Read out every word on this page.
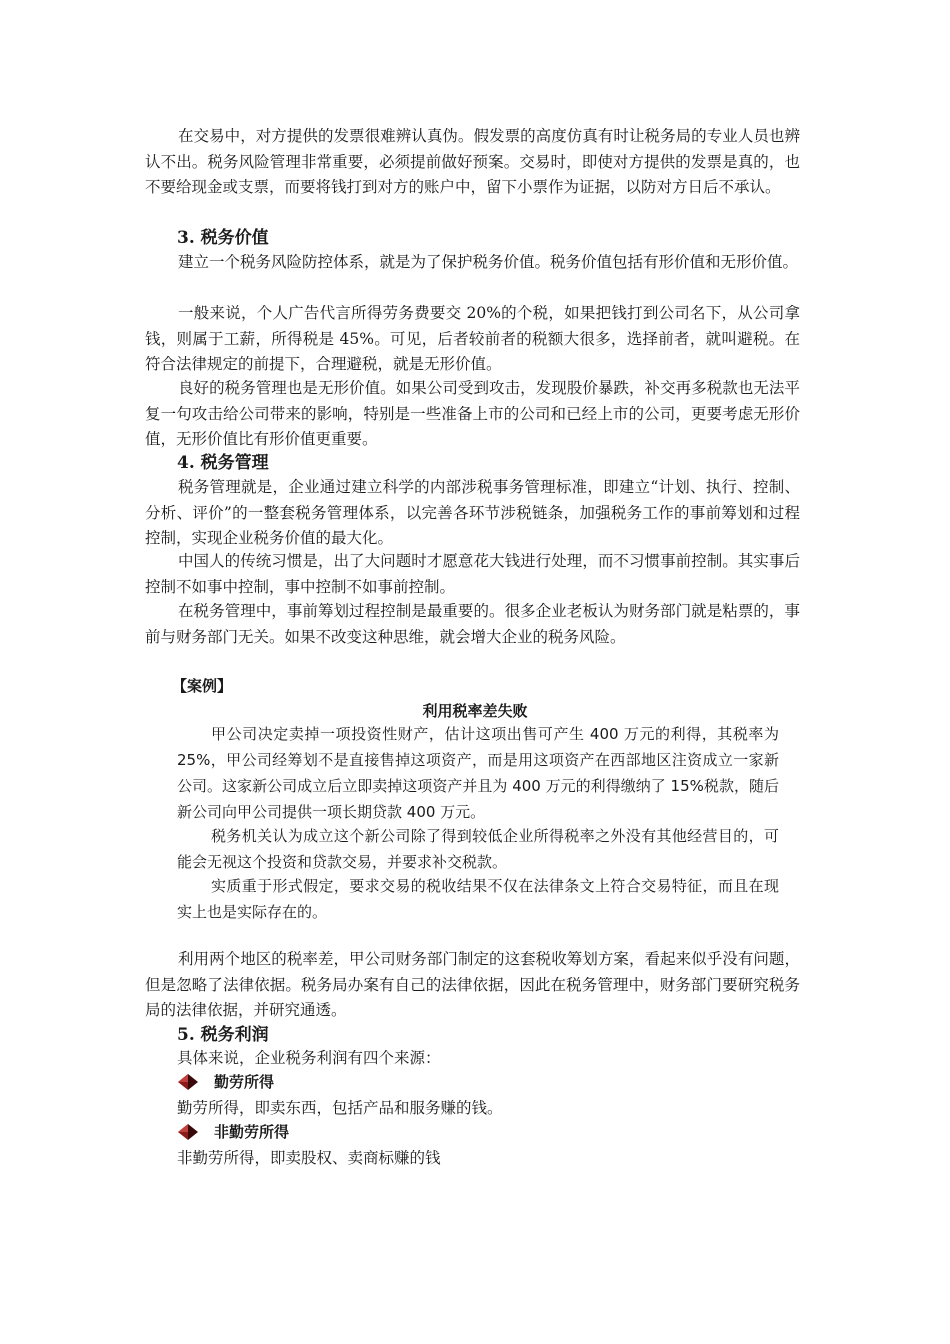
在交易中，对方提供的发票很难辨认真伪。假发票的高度仿真有时让税务局的专业人员也辨认不出。税务风险管理非常重要，必须提前做好预案。交易时，即使对方提供的发票是真的，也不要给现金或支票，而要将钱打到对方的账户中，留下小票作为证据，以防对方日后不承认。
3. 税务价值
建立一个税务风险防控体系，就是为了保护税务价值。税务价值包括有形价值和无形价值。
一般来说，个人广告代言所得劳务费要交 20%的个税，如果把钱打到公司名下，从公司拿钱，则属于工薪，所得税是 45%。可见，后者较前者的税额大很多，选择前者，就叫避税。在符合法律规定的前提下，合理避税，就是无形价值。
良好的税务管理也是无形价值。如果公司受到攻击，发现股价暴跌，补交再多税款也无法平复一句攻击给公司带来的影响，特别是一些准备上市的公司和已经上市的公司，更要考虑无形价值，无形价值比有形价值更重要。
4. 税务管理
税务管理就是，企业通过建立科学的内部涉税事务管理标准，即建立“计划、执行、控制、分析、评价”的一整套税务管理体系，以完善各环节涉税链条，加强税务工作的事前筹划和过程控制，实现企业税务价值的最大化。
中国人的传统习惯是，出了大问题时才愿意花大钱进行处理，而不习惯事前控制。其实事后控制不如事中控制，事中控制不如事前控制。
在税务管理中，事前筹划过程控制是最重要的。很多企业老板认为财务部门就是粘票的，事前与财务部门无关。如果不改变这种思维，就会增大企业的税务风险。
【案例】
利用税率差失败
甲公司决定卖掉一项投资性财产，估计这项出售可产生 400 万元的利得，其税率为 25%，甲公司经筹划不是直接售掉这项资产，而是用这项资产在西部地区注资成立一家新公司。这家新公司成立后立即卖掉这项资产并且为 400 万元的利得缴纳了 15%税款，随后新公司向甲公司提供一项长期贷款 400 万元。
税务机关认为成立这个新公司除了得到较低企业所得税率之外没有其他经营目的，可能会无视这个投资和贷款交易，并要求补交税款。
实质重于形式假定，要求交易的税收结果不仅在法律条文上符合交易特征，而且在现实上也是实际存在的。
利用两个地区的税率差，甲公司财务部门制定的这套税收筹划方案，看起来似乎没有问题，但是忽略了法律依据。税务局办案有自己的法律依据，因此在税务管理中，财务部门要研究税务局的法律依据，并研究通透。
5. 税务利润
具体来说，企业税务利润有四个来源：
勤劳所得
勤劳所得，即卖东西，包括产品和服务赚的钱。
非勤劳所得
非勤劳所得，即卖股权、卖商标赚的钱
